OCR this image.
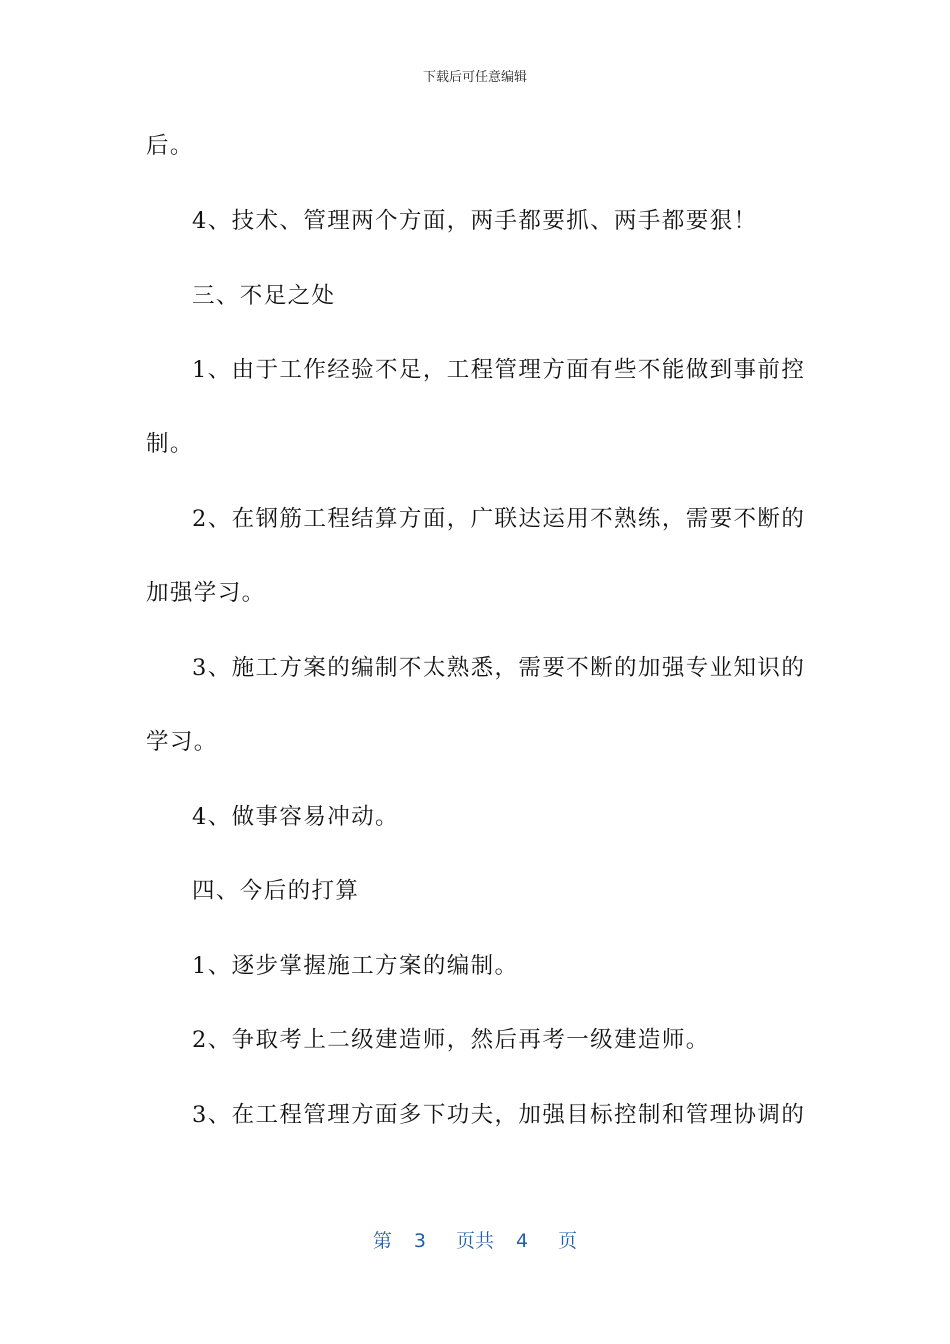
下载后可任意编辑
后。
4、技术、管理两个方面，两手都要抓、两手都要狠！
三、不足之处
1、由于工作经验不足，工程管理方面有些不能做到事前控
制。
2、在钢筋工程结算方面，广联达运用不熟练，需要不断的
加强学习。
3、施工方案的编制不太熟悉，需要不断的加强专业知识的
学习。
4、做事容易冲动。
四、今后的打算
1、逐步掌握施工方案的编制。
2、争取考上二级建造师，然后再考一级建造师。
3、在工程管理方面多下功夫，加强目标控制和管理协调的
第 3 页共 4 页
